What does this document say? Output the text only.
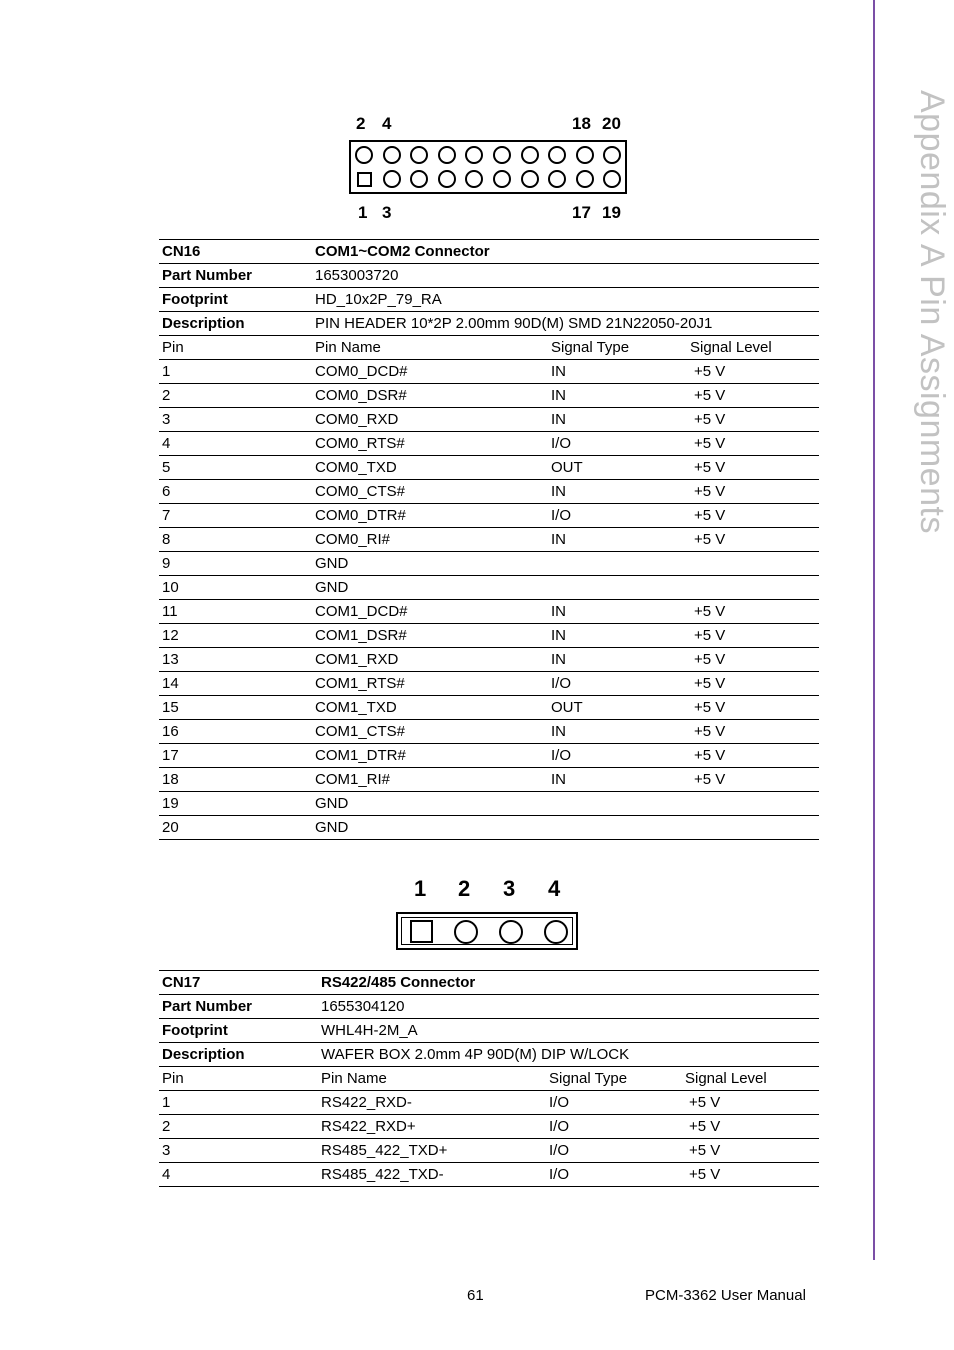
Appendix A Pin Assignments
2 4	18 20
1 3	17 19
CN16	COM1~COM2 Connector		
Part Number	1653003720		
Footprint	HD_10x2P_79_RA		
Description	PIN HEADER 10*2P 2.00mm 90D(M) SMD 21N22050-20J1		
Pin	Pin Name	Signal Type	Signal Level
1	COM0_DCD#	IN	+5 V
2	COM0_DSR#	IN	+5 V
3	COM0_RXD	IN	+5 V
4	COM0_RTS#	I/O	+5 V
5	COM0_TXD	OUT	+5 V
6	COM0_CTS#	IN	+5 V
7	COM0_DTR#	I/O	+5 V
8	COM0_RI#	IN	+5 V
9	GND		
10	GND		
11	COM1_DCD#	IN	+5 V
12	COM1_DSR#	IN	+5 V
13	COM1_RXD	IN	+5 V
14	COM1_RTS#	I/O	+5 V
15	COM1_TXD	OUT	+5 V
16	COM1_CTS#	IN	+5 V
17	COM1_DTR#	I/O	+5 V
18	COM1_RI#	IN	+5 V
19	GND		
20	GND		
1 2 3 4
CN17	RS422/485 Connector		
Part Number	1655304120		
Footprint	WHL4H-2M_A		
Description	WAFER BOX 2.0mm 4P 90D(M) DIP W/LOCK		
Pin	Pin Name	Signal Type	Signal Level
1	RS422_RXD-	I/O	+5 V
2	RS422_RXD+	I/O	+5 V
3	RS485_422_TXD+	I/O	+5 V
4	RS485_422_TXD-	I/O	+5 V
61	PCM-3362 User Manual
